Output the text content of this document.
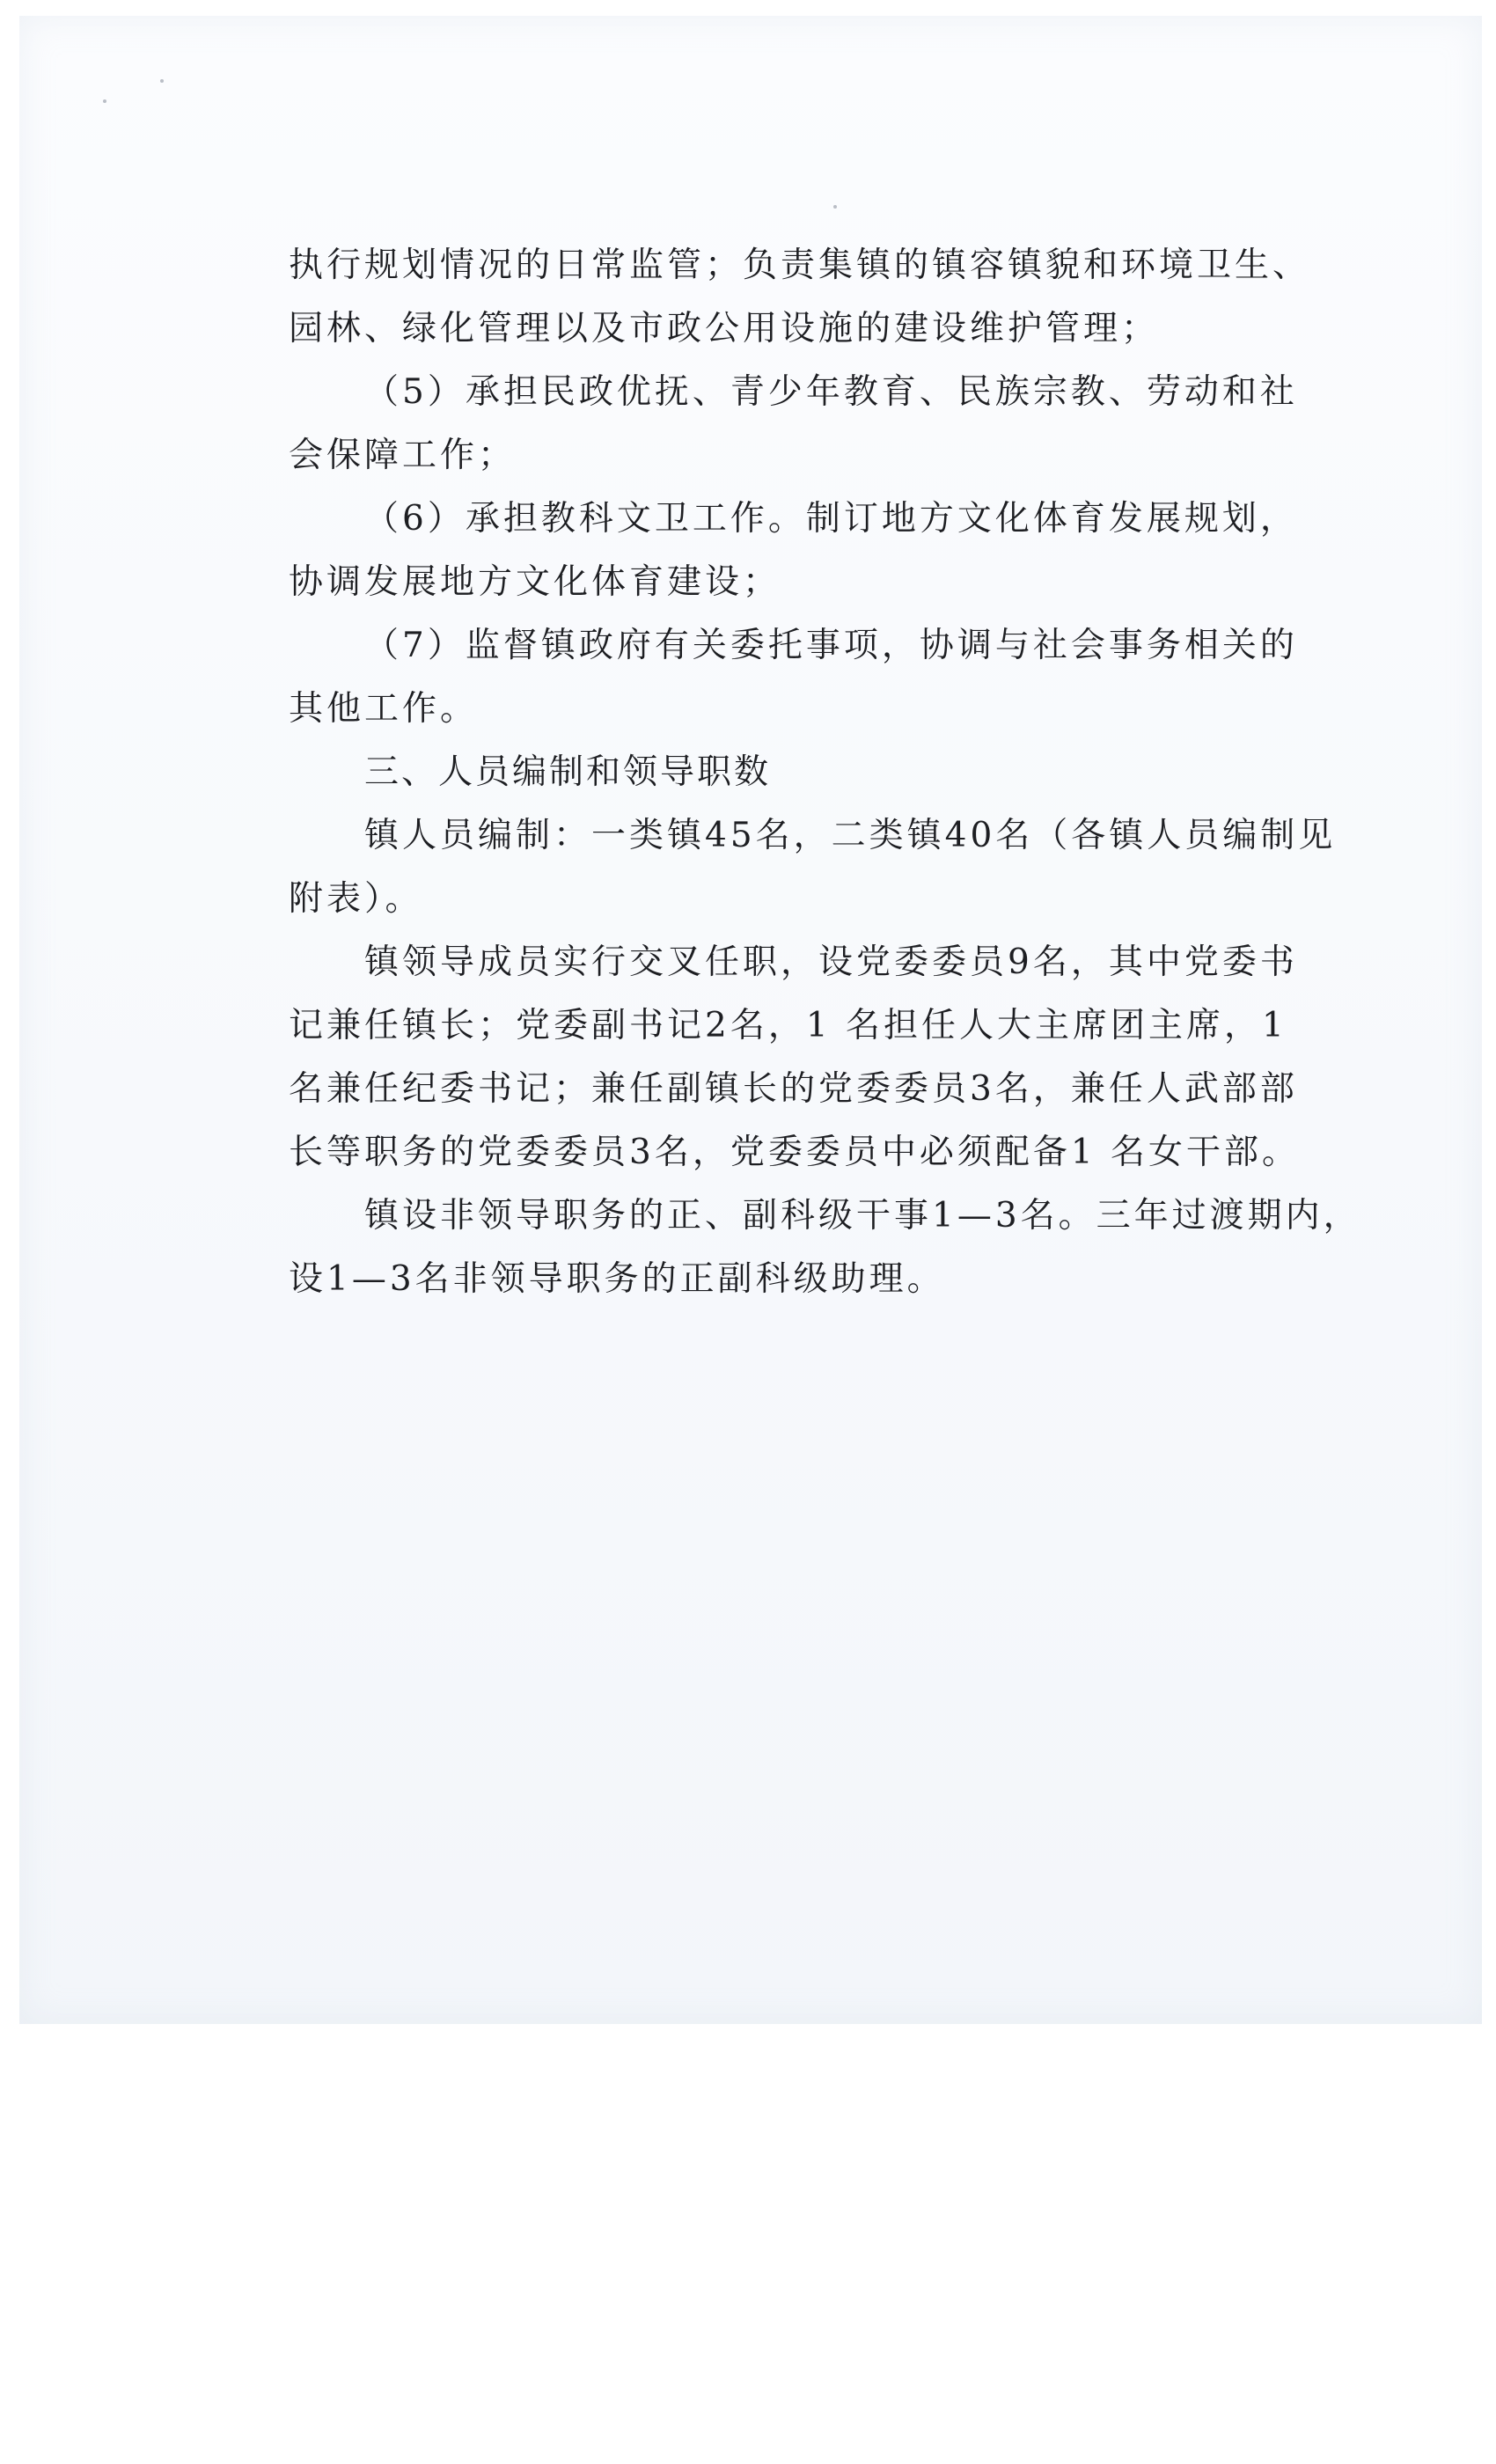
执行规划情况的日常监管；负责集镇的镇容镇貌和环境卫生、
园林、绿化管理以及市政公用设施的建设维护管理；
（5）承担民政优抚、青少年教育、民族宗教、劳动和社
会保障工作；
（6）承担教科文卫工作。制订地方文化体育发展规划，
协调发展地方文化体育建设；
（7）监督镇政府有关委托事项，协调与社会事务相关的
其他工作。
三、人员编制和领导职数
镇人员编制：一类镇45名，二类镇40名（各镇人员编制见
附表）。
镇领导成员实行交叉任职，设党委委员9名，其中党委书
记兼任镇长；党委副书记2名，1 名担任人大主席团主席，1
名兼任纪委书记；兼任副镇长的党委委员3名，兼任人武部部
长等职务的党委委员3名，党委委员中必须配备1 名女干部。
镇设非领导职务的正、副科级干事1—3名。三年过渡期内，
设1—3名非领导职务的正副科级助理。
